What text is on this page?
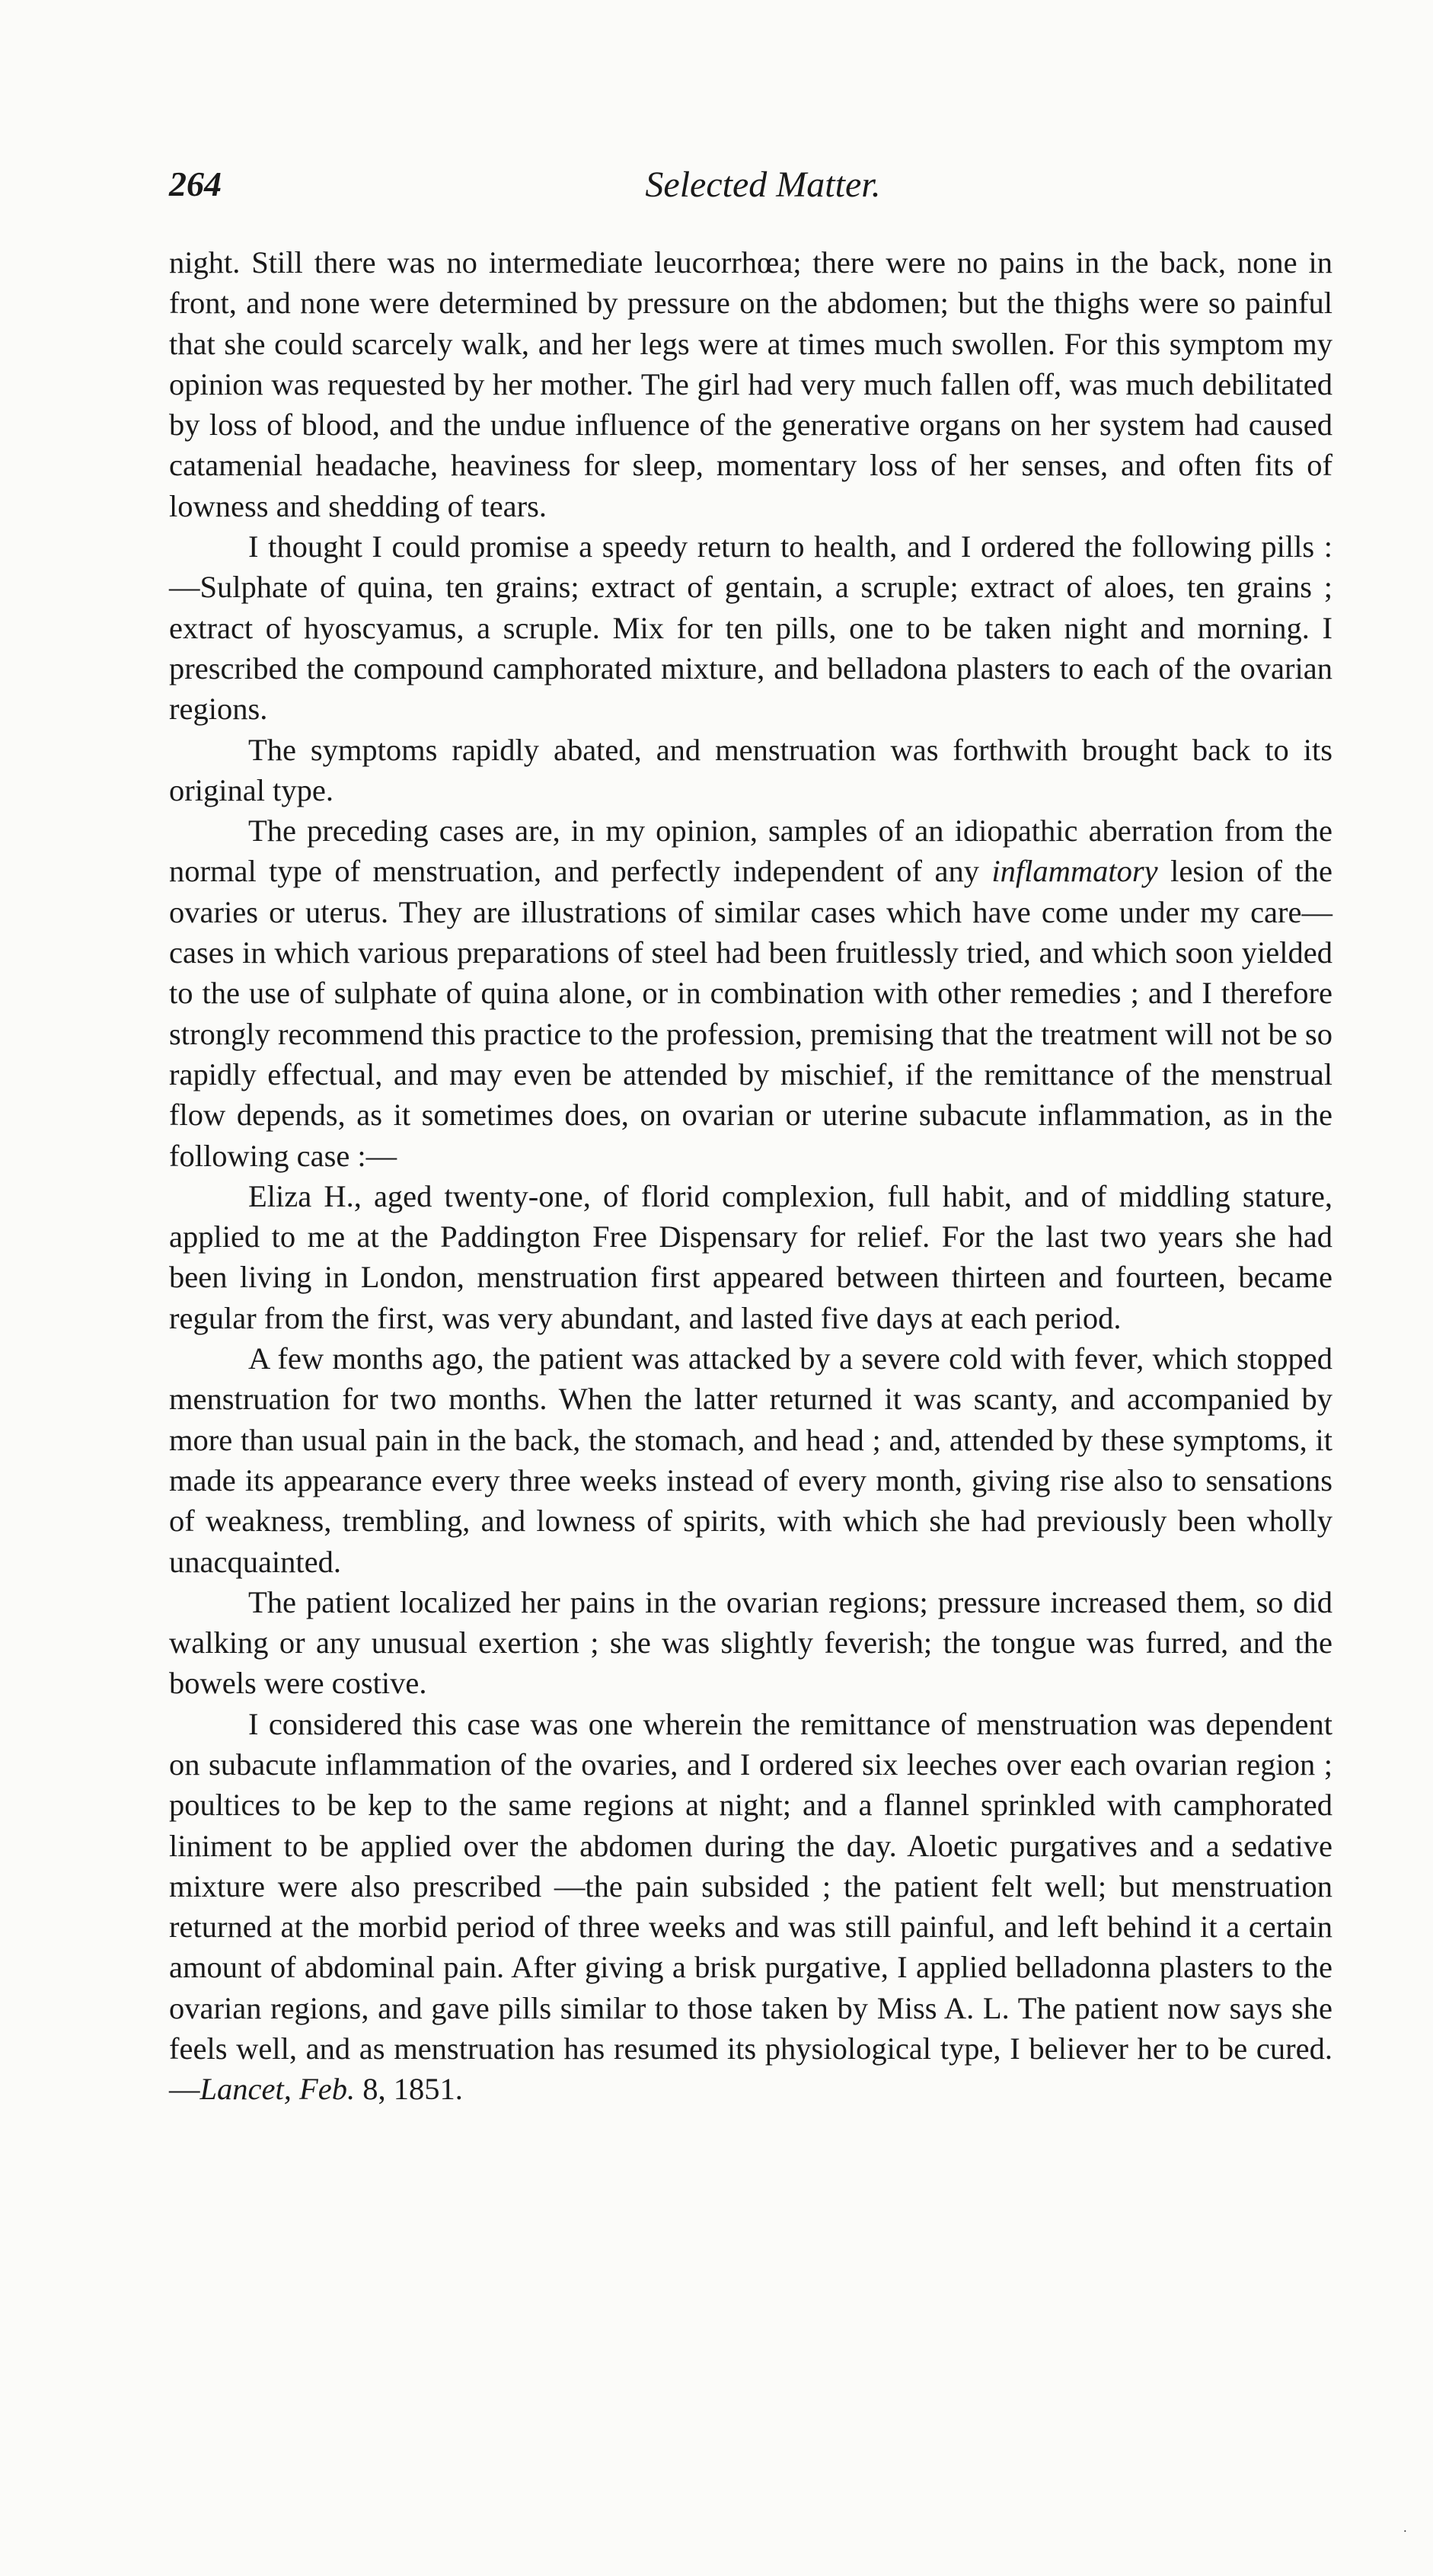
264	Selected Matter.

night. Still there was no intermediate leucorrhœa; there were no pains in the back, none in front, and none were determined by pressure on the abdomen; but the thighs were so painful that she could scarcely walk, and her legs were at times much swollen. For this symptom my opinion was requested by her mother. The girl had very much fallen off, was much debilitated by loss of blood, and the undue influence of the generative organs on her system had caused catamenial headache, heaviness for sleep, momentary loss of her senses, and often fits of lowness and shedding of tears.

I thought I could promise a speedy return to health, and I ordered the following pills :—Sulphate of quina, ten grains; extract of gentain, a scruple; extract of aloes, ten grains ; extract of hyoscyamus, a scruple. Mix for ten pills, one to be taken night and morning. I prescribed the compound camphorated mixture, and belladona plasters to each of the ovarian regions.

The symptoms rapidly abated, and menstruation was forthwith brought back to its original type.

The preceding cases are, in my opinion, samples of an idiopathic aberration from the normal type of menstruation, and perfectly independent of any inflammatory lesion of the ovaries or uterus. They are illustrations of similar cases which have come under my care—cases in which various preparations of steel had been fruitlessly tried, and which soon yielded to the use of sulphate of quina alone, or in combination with other remedies ; and I therefore strongly recommend this practice to the profession, premising that the treatment will not be so rapidly effectual, and may even be attended by mischief, if the remittance of the menstrual flow depends, as it sometimes does, on ovarian or uterine subacute inflammation, as in the following case :—

Eliza H., aged twenty-one, of florid complexion, full habit, and of middling stature, applied to me at the Paddington Free Dispensary for relief. For the last two years she had been living in London, menstruation first appeared between thirteen and fourteen, became regular from the first, was very abundant, and lasted five days at each period.

A few months ago, the patient was attacked by a severe cold with fever, which stopped menstruation for two months. When the latter returned it was scanty, and accompanied by more than usual pain in the back, the stomach, and head ; and, attended by these symptoms, it made its appearance every three weeks instead of every month, giving rise also to sensations of weakness, trembling, and lowness of spirits, with which she had previously been wholly unacquainted.

The patient localized her pains in the ovarian regions; pressure increased them, so did walking or any unusual exertion ; she was slightly feverish; the tongue was furred, and the bowels were costive.

I considered this case was one wherein the remittance of menstruation was dependent on subacute inflammation of the ovaries, and I ordered six leeches over each ovarian region ; poultices to be kep to the same regions at night; and a flannel sprinkled with camphorated liniment to be applied over the abdomen during the day. Aloetic purgatives and a sedative mixture were also prescribed —the pain subsided ; the patient felt well; but menstruation returned at the morbid period of three weeks and was still painful, and left behind it a certain amount of abdominal pain. After giving a brisk purgative, I applied belladonna plasters to the ovarian regions, and gave pills similar to those taken by Miss A. L. The patient now says she feels well, and as menstruation has resumed its physiological type, I believer her to be cured.—Lancet, Feb. 8, 1851.

˙
